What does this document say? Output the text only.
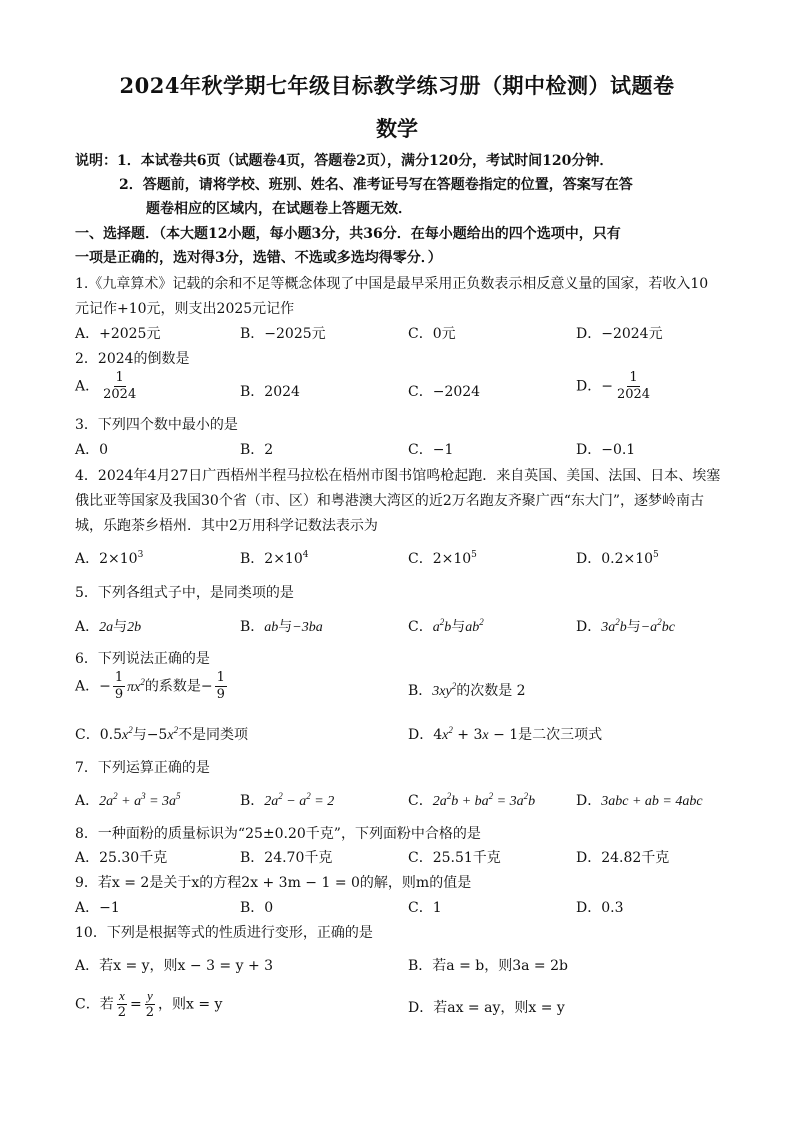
2024年秋学期七年级目标教学练习册（期中检测）试题卷
数学
说明：1．本试卷共6页（试题卷4页，答题卷2页），满分120分，考试时间120分钟．
2．答题前，请将学校、班别、姓名、准考证号写在答题卷指定的位置，答案写在答
题卷相应的区域内，在试题卷上答题无效．
一、选择题．（本大题12小题，每小题3分，共36分．在每小题给出的四个选项中，只有
一项是正确的，选对得3分，选错、不选或多选均得零分．）
1.《九章算术》记载的余和不足等概念体现了中国是最早采用正负数表示相反意义量的国家，若收入10
元记作+10元，则支出2025元记作
A．+2025元	B．−2025元	C．0元	D．−2024元
2．2024的倒数是
A． $\frac{1}{2024}$	B．2024	C．−2024	D．− $\frac{1}{2024}$
3．下列四个数中最小的是
A．0	B．2	C．−1	D．−0.1
4．2024年4月27日广西梧州半程马拉松在梧州市图书馆鸣枪起跑．来自英国、美国、法国、日本、埃塞
俄比亚等国家及我国30个省（市、区）和粤港澳大湾区的近2万名跑友齐聚广西“东大门”，逐梦岭南古
城，乐跑茶乡梧州．其中2万用科学记数法表示为
A．$2\times 10^3$	B．$2\times 10^4$	C．$2\times 10^5$	D．$0.2\times 10^5$
5．下列各组式子中，是同类项的是
A．2a与2b	B．ab与−3ba	C．$a^2b$与$ab^2$	D．$3a^2b$与$-a^2bc$
6．下列说法正确的是
A．− $\frac{1}{9} \pi x^2$的系数是− $\frac{1}{9}$	B．$3xy^2$的次数是 2
C．$0.5x^2$与$-5x^2$不是同类项	D．$4x^2 + 3x - 1$是二次三项式
7．下列运算正确的是
A．$2a^2 + a^3 = 3a^5$	B．$2a^2 - a^2 = 2$	C．$2a^2b + ba^2 = 3a^2b$	D．3abc + ab = 4abc
8．一种面粉的质量标识为“25±0.20千克”，下列面粉中合格的是
A．25.30千克	B．24.70千克	C．25.51千克	D．24.82千克
9．若x = 2是关于x的方程2x + 3m − 1 = 0的解，则m的值是
A．−1	B．0	C．1	D．0.3
10．下列是根据等式的性质进行变形，正确的是
A．若x = y，则x − 3 = y + 3	B．若a = b，则3a = 2b
C．若 $\frac{x}{2} = \frac{y}{2}$ ，则x = y	D．若ax = ay，则x = y
